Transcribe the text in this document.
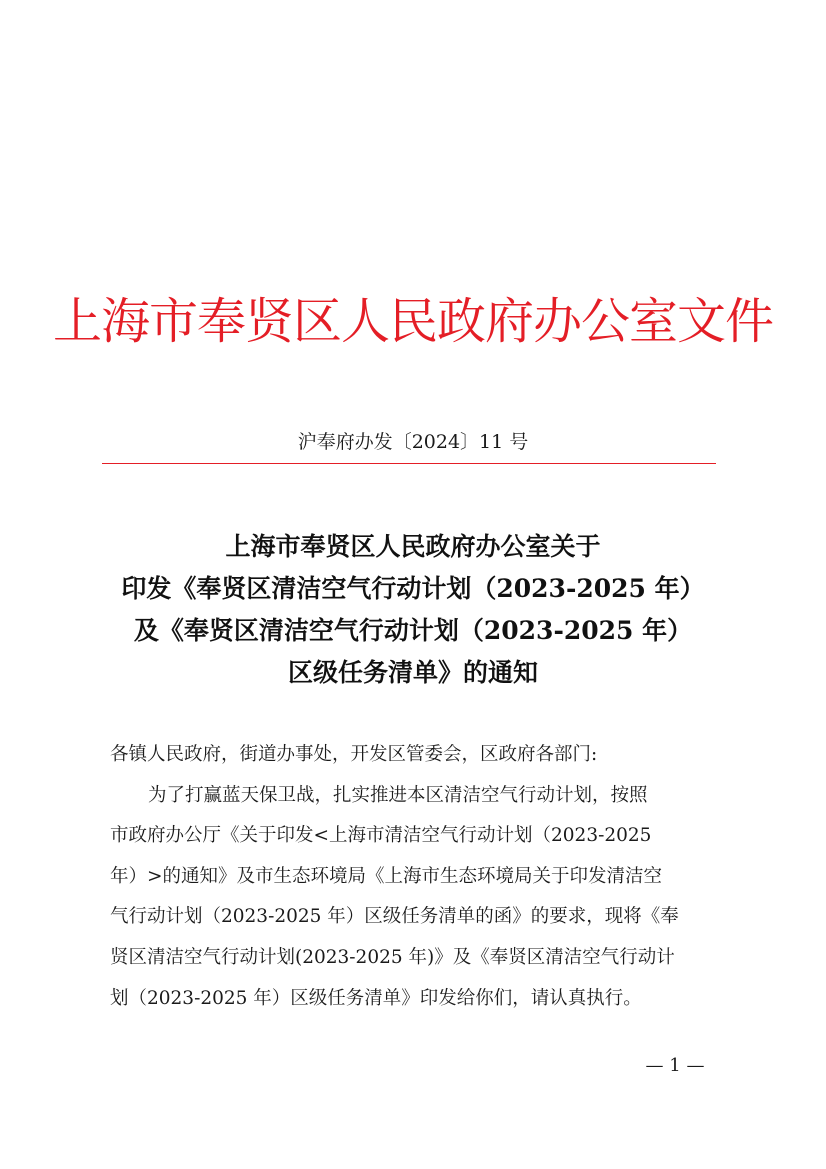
上海市奉贤区人民政府办公室文件
沪奉府办发〔2024〕11 号
上海市奉贤区人民政府办公室关于
印发《奉贤区清洁空气行动计划（2023-2025 年）
及《奉贤区清洁空气行动计划（2023-2025 年）
区级任务清单》的通知
各镇人民政府，街道办事处，开发区管委会，区政府各部门:
为了打赢蓝天保卫战，扎实推进本区清洁空气行动计划，按照
市政府办公厅《关于印发<上海市清洁空气行动计划（2023-2025
年）>的通知》及市生态环境局《上海市生态环境局关于印发清洁空
气行动计划（2023-2025 年）区级任务清单的函》的要求，现将《奉
贤区清洁空气行动计划(2023-2025 年)》及《奉贤区清洁空气行动计
划（2023-2025 年）区级任务清单》印发给你们，请认真执行。
— 1 —
